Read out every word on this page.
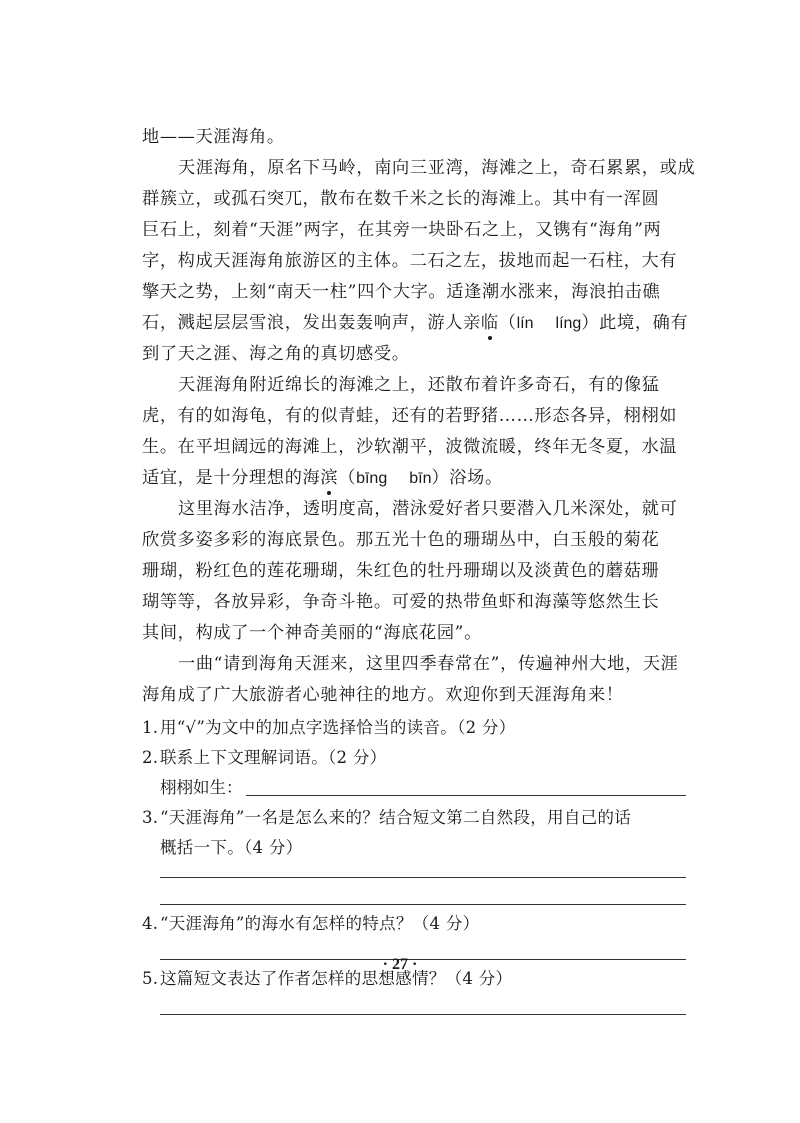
地——天涯海角。
天涯海角，原名下马岭，南向三亚湾，海滩之上，奇石累累，或成
群簇立，或孤石突兀，散布在数千米之长的海滩上。其中有一浑圆
巨石上，刻着“天涯”两字，在其旁一块卧石之上，又镌有“海角”两
字，构成天涯海角旅游区的主体。二石之左，拔地而起一石柱，大有
擎天之势，上刻“南天一柱”四个大字。适逢潮水涨来，海浪拍击礁
石，溅起层层雪浪，发出轰轰响声，游人亲临（lín líng）此境，确有
到了天之涯、海之角的真切感受。
天涯海角附近绵长的海滩之上，还散布着许多奇石，有的像猛
虎，有的如海龟，有的似青蛙，还有的若野猪……形态各异，栩栩如
生。在平坦阔远的海滩上，沙软潮平，波微流暖，终年无冬夏，水温
适宜，是十分理想的海滨（bīng bīn）浴场。
这里海水洁净，透明度高，潜泳爱好者只要潜入几米深处，就可
欣赏多姿多彩的海底景色。那五光十色的珊瑚丛中，白玉般的菊花
珊瑚，粉红色的莲花珊瑚，朱红色的牡丹珊瑚以及淡黄色的蘑菇珊
瑚等等，各放异彩，争奇斗艳。可爱的热带鱼虾和海藻等悠然生长
其间，构成了一个神奇美丽的“海底花园”。
一曲“请到海角天涯来，这里四季春常在”，传遍神州大地，天涯
海角成了广大旅游者心驰神往的地方。欢迎你到天涯海角来！
1. 用“√”为文中的加点字选择恰当的读音。（2 分）
2. 联系上下文理解词语。（2 分）
栩栩如生：
3. “天涯海角”一名是怎么来的？结合短文第二自然段，用自己的话
概括一下。（4 分）
4. “天涯海角”的海水有怎样的特点？（4 分）
5. 这篇短文表达了作者怎样的思想感情？（4 分）
· 27 ·
